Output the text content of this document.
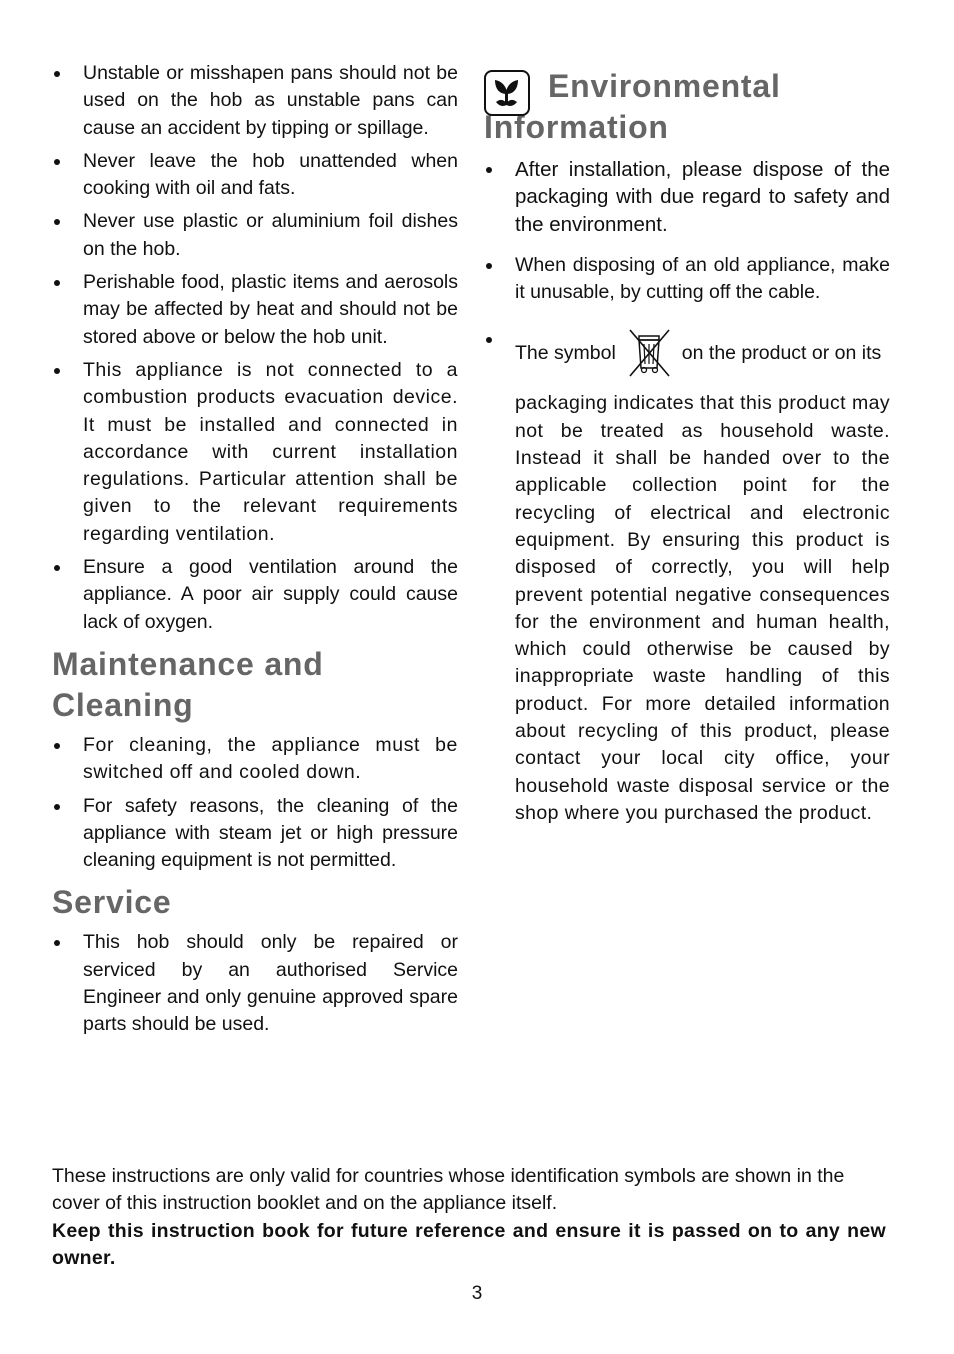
Unstable or misshapen pans should not be used on the hob as unstable pans can cause an accident by tipping or spillage.
Never leave the hob unattended when cooking with oil and fats.
Never use plastic or aluminium foil dishes on the hob.
Perishable food, plastic items and aerosols may be affected by heat and should not be stored above or below the hob unit.
This appliance is not connected to a combustion products evacuation device. It must be installed and connected in accordance with current installation regulations. Particular attention shall be given to the relevant requirements regarding ventilation.
Ensure a good ventilation around the appliance. A poor air supply could cause lack of oxygen.
Maintenance and Cleaning
For cleaning, the appliance must be switched off and cooled down.
For safety reasons, the cleaning of the appliance with steam jet or high pressure cleaning equipment is not permitted.
Service
This hob should only be repaired or serviced by an authorised Service Engineer and only genuine approved spare parts should be used.
Environmental Information
After installation, please dispose of the packaging with due regard to safety and the environment.
When disposing of an old appliance, make it unusable, by cutting off the cable.
The symbol	on the product or on its
packaging indicates that this product may not be treated as household waste. Instead it shall be handed over to the applicable collection point for the recycling of electrical and electronic equipment. By ensuring this product is disposed of correctly, you will help prevent potential negative consequences for the environment and human health, which could otherwise be caused by inappropriate waste handling of this product. For more detailed information about recycling of this product, please contact your local city office, your household waste disposal service or the shop where you purchased the product.

These instructions are only valid for countries whose identification symbols are shown in the cover of this instruction booklet and on the appliance itself.

Keep this instruction book for future reference and ensure it is passed on to any new owner.

3
